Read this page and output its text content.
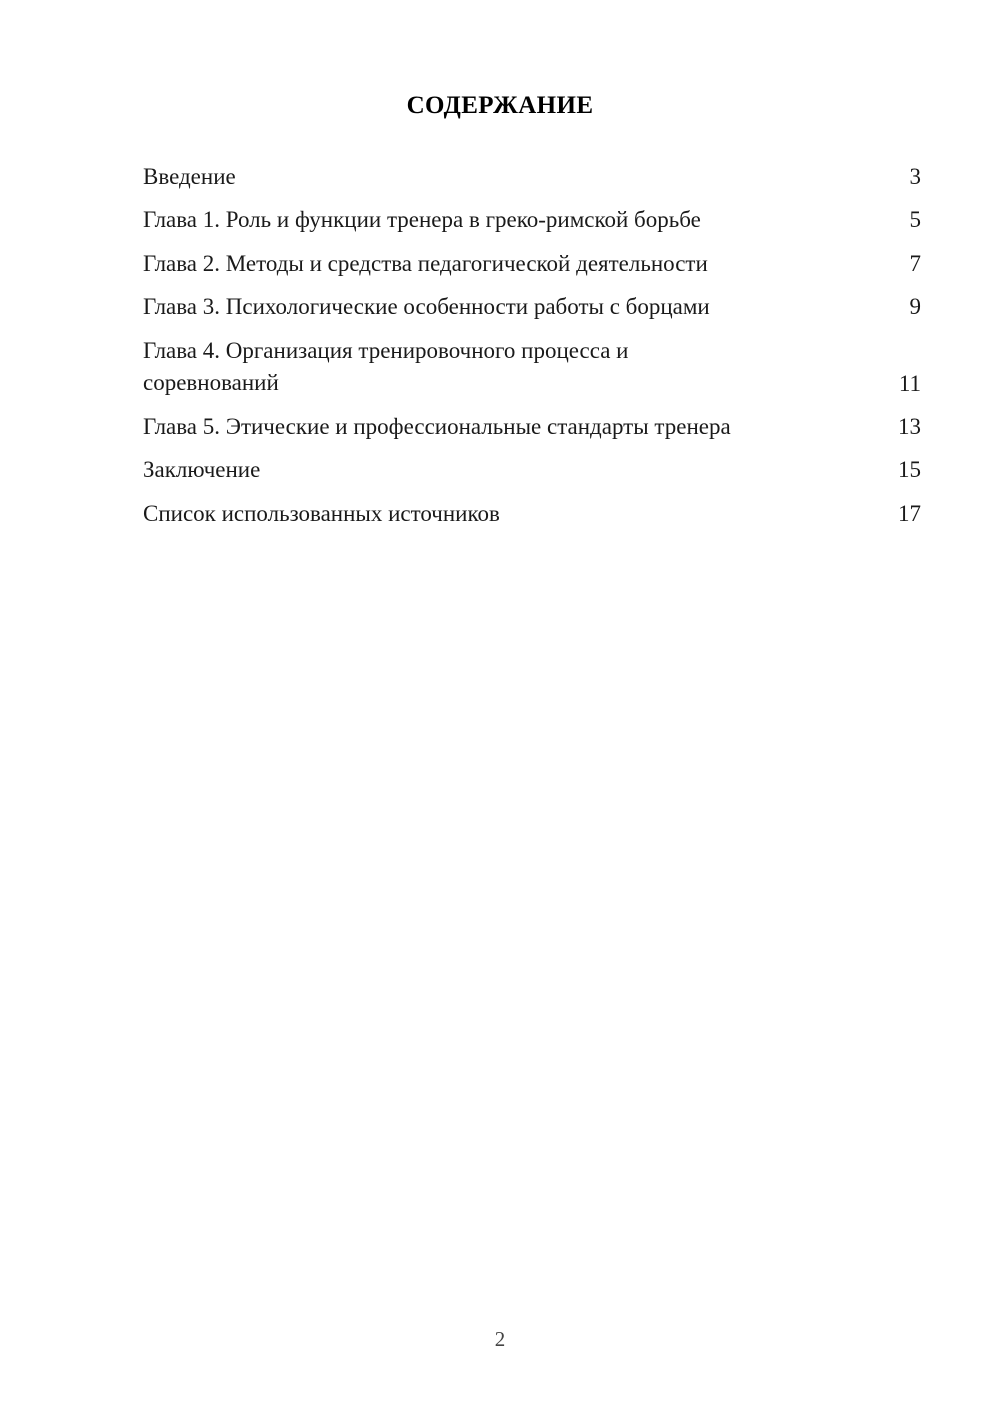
СОДЕРЖАНИЕ
Введение	3
Глава 1. Роль и функции тренера в греко-римской борьбе	5
Глава 2. Методы и средства педагогической деятельности	7
Глава 3. Психологические особенности работы с борцами	9
Глава 4. Организация тренировочного процесса и соревнований	11
Глава 5. Этические и профессиональные стандарты тренера	13
Заключение	15
Список использованных источников	17
2
